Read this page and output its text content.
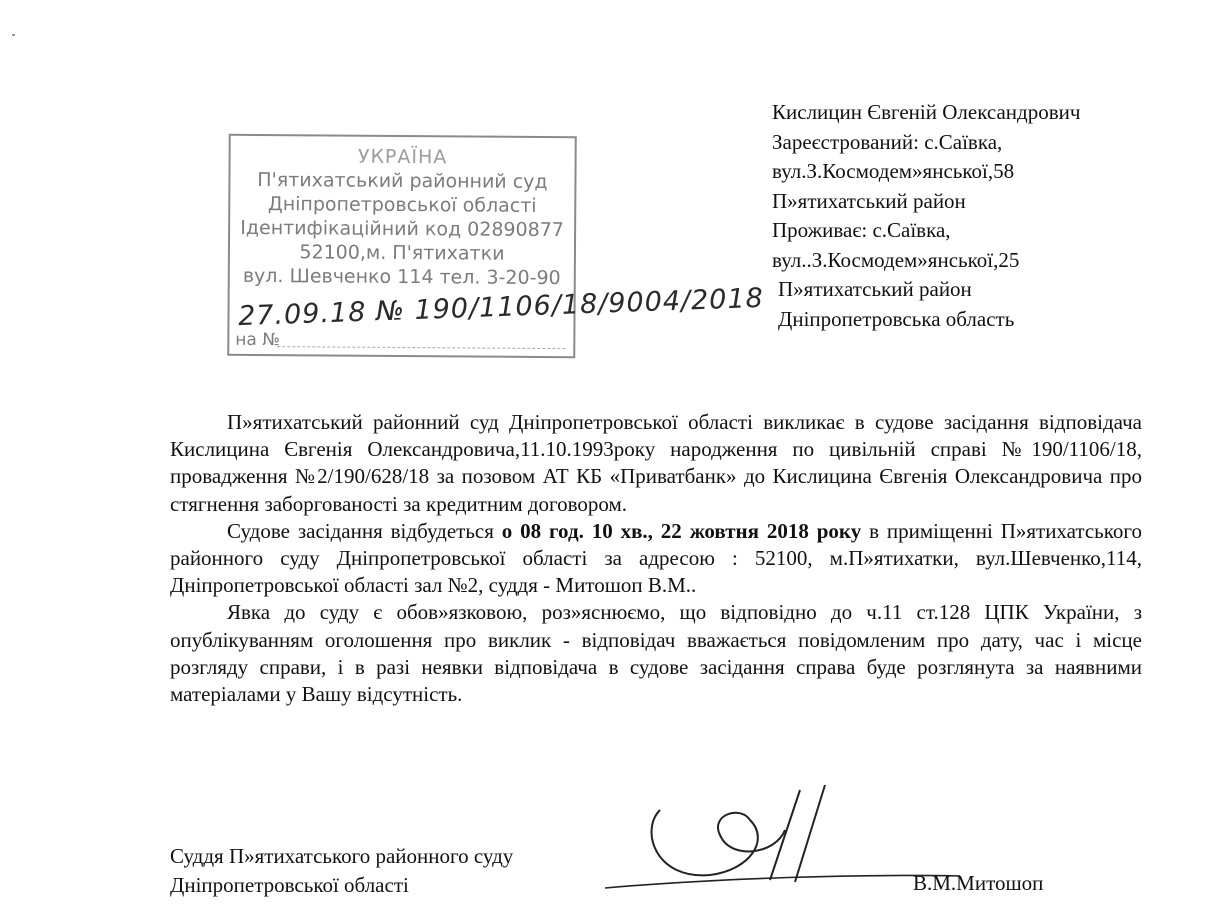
Кислицин Євгеній Олександрович
Зареєстрований: с.Саївка,
вул.З.Космодем»янської,58
П»ятихатський район
Проживає: с.Саївка,
вул..З.Космодем»янської,25
П»ятихатський район
Дніпропетровська область
УКРАЇНА
П'ятихатський районний суд
Дніпропетровської області
Ідентифікаційний код 02890877
52100,м. П'ятихатки
вул. Шевченко 114 тел. 3-20-90
на №
27.09.18 № 190/1106/18/9004/2018

П»ятихатський районний суд Дніпропетровської області викликає в судове засідання відповідача Кислицина Євгенія Олександровича,11.10.1993року народження по цивільній справі №190/1106/18, провадження №2/190/628/18 за позовом АТ КБ «Приватбанк» до Кислицина Євгенія Олександровича про стягнення заборгованості за кредитним договором.

Судове засідання відбудеться о 08 год. 10 хв., 22 жовтня 2018 року в приміщенні П»ятихатського районного суду Дніпропетровської області за адресою : 52100, м.П»ятихатки, вул.Шевченко,114, Дніпропетровської області зал №2, суддя - Митошоп В.М..

Явка до суду є обов»язковою, роз»яснюємо, що відповідно до ч.11 ст.128 ЦПК України, з опублікуванням оголошення про виклик - відповідач вважається повідомленим про дату, час і місце розгляду справи, і в разі неявки відповідача в судове засідання справа буде розглянута за наявними матеріалами у Вашу відсутність.

Суддя П»ятихатського районного суду
Дніпропетровської області	В.М.Митошоп
